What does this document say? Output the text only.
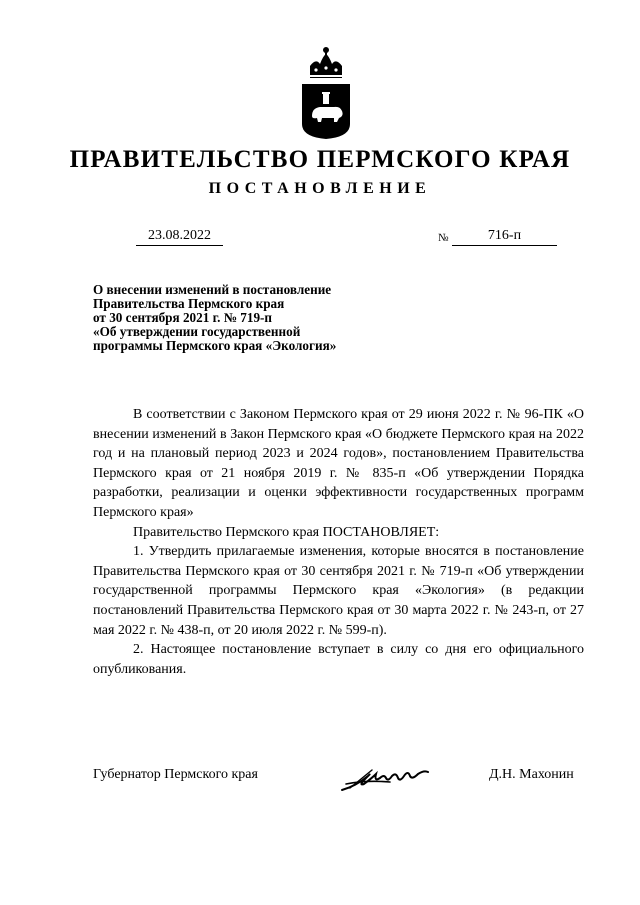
ПРАВИТЕЛЬСТВО ПЕРМСКОГО КРАЯ
ПОСТАНОВЛЕНИЕ
23.08.2022	№	716-п
О внесении изменений в постановление
Правительства Пермского края
от 30 сентября 2021 г. № 719-п
«Об утверждении государственной
программы Пермского края «Экология»

В соответствии с Законом Пермского края от 29 июня 2022 г. № 96-ПК «О внесении изменений в Закон Пермского края «О бюджете Пермского края на 2022 год и на плановый период 2023 и 2024 годов», постановлением Правительства Пермского края от 21 ноября 2019 г. № 835-п «Об утверждении Порядка разработки, реализации и оценки эффективности государственных программ Пермского края»

Правительство Пермского края ПОСТАНОВЛЯЕТ:

1. Утвердить прилагаемые изменения, которые вносятся в постановление Правительства Пермского края от 30 сентября 2021 г. № 719-п «Об утверждении государственной программы Пермского края «Экология» (в редакции постановлений Правительства Пермского края от 30 марта 2022 г. № 243-п, от 27 мая 2022 г. № 438-п, от 20 июля 2022 г. № 599-п).

2. Настоящее постановление вступает в силу со дня его официального опубликования.

Губернатор Пермского края	Д.Н. Махонин
